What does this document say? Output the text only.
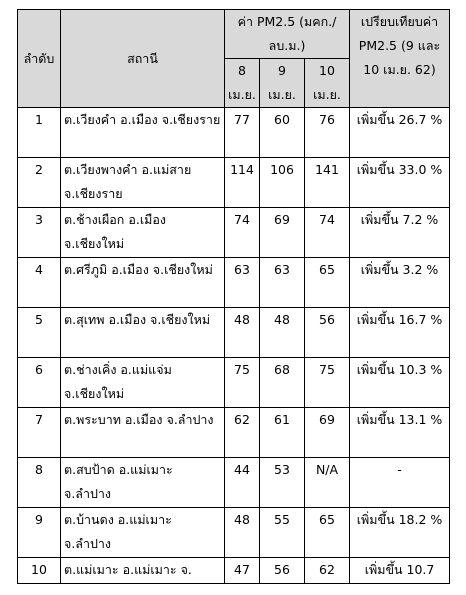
ลำดับ	สถานี	ค่า PM2.5 (มคก./ลบ.ม.)			เปรียบเทียบค่า PM2.5 (9 และ 10 เม.ย. 62)
		8 เม.ย.	9 เม.ย.	10 เม.ย.	
1	ต.เวียงคำ อ.เมือง จ.เชียงราย	77	60	76	เพิ่มขึ้น 26.7 %
2	ต.เวียงพางคำ อ.แม่สาย จ.เชียงราย	114	106	141	เพิ่มขึ้น 33.0 %
3	ต.ช้างเผือก อ.เมือง จ.เชียงใหม่	74	69	74	เพิ่มขึ้น 7.2 %
4	ต.ศรีภูมิ อ.เมือง จ.เชียงใหม่	63	63	65	เพิ่มขึ้น 3.2 %
5	ต.สุเทพ อ.เมือง จ.เชียงใหม่	48	48	56	เพิ่มขึ้น 16.7 %
6	ต.ช่างเคิ่ง อ.แม่แจ่ม จ.เชียงใหม่	75	68	75	เพิ่มขึ้น 10.3 %
7	ต.พระบาท อ.เมือง จ.ลำปาง	62	61	69	เพิ่มขึ้น 13.1 %
8	ต.สบป้าด อ.แม่เมาะ จ.ลำปาง	44	53	N/A	-
9	ต.บ้านดง อ.แม่เมาะ จ.ลำปาง	48	55	65	เพิ่มขึ้น 18.2 %
10	ต.แม่เมาะ อ.แม่เมาะ จ.	47	56	62	เพิ่มขึ้น 10.7
